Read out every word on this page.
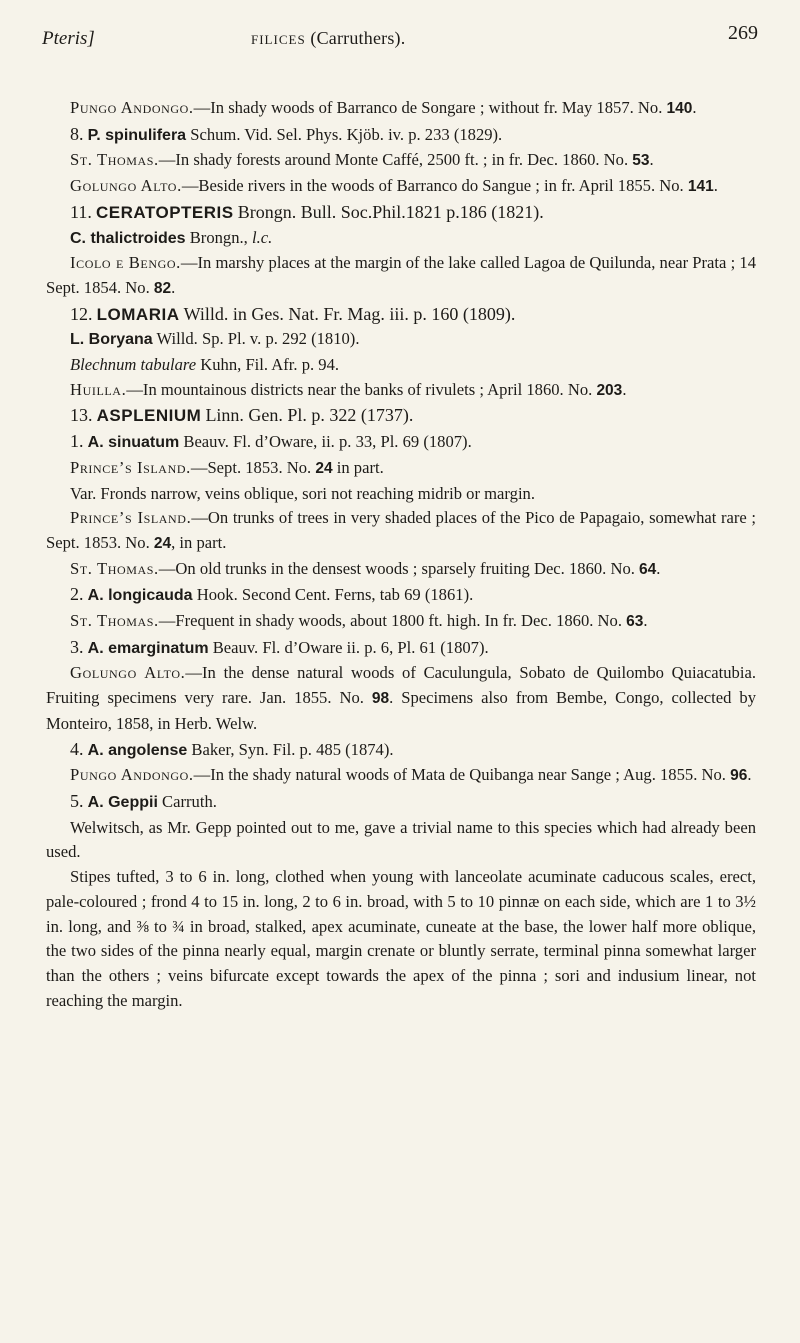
Pteris]	filices (Carruthers).	269

Pungo Andongo.—In shady woods of Barranco de Songare ; without fr. May 1857. No. 140.

8. P. spinulifera Schum. Vid. Sel. Phys. Kjöb. iv. p. 233 (1829).

St. Thomas.—In shady forests around Monte Caffé, 2500 ft. ; in fr. Dec. 1860. No. 53.

Golungo Alto.—Beside rivers in the woods of Barranco do Sangue ; in fr. April 1855. No. 141.

11. CERATOPTERIS Brongn. Bull. Soc.Phil.1821 p.186 (1821).

C. thalictroides Brongn., l.c.

Icolo e Bengo.—In marshy places at the margin of the lake called Lagoa de Quilunda, near Prata ; 14 Sept. 1854. No. 82.

12. LOMARIA Willd. in Ges. Nat. Fr. Mag. iii. p. 160 (1809).

L. Boryana Willd. Sp. Pl. v. p. 292 (1810).

Blechnum tabulare Kuhn, Fil. Afr. p. 94.

Huilla.—In mountainous districts near the banks of rivulets ; April 1860. No. 203.

13. ASPLENIUM Linn. Gen. Pl. p. 322 (1737).

1. A. sinuatum Beauv. Fl. d’Oware, ii. p. 33, Pl. 69 (1807).

Prince’s Island.—Sept. 1853. No. 24 in part.

Var. Fronds narrow, veins oblique, sori not reaching midrib or margin.

Prince’s Island.—On trunks of trees in very shaded places of the Pico de Papagaio, somewhat rare ; Sept. 1853. No. 24, in part.

St. Thomas.—On old trunks in the densest woods ; sparsely fruiting Dec. 1860. No. 64.

2. A. longicauda Hook. Second Cent. Ferns, tab 69 (1861).

St. Thomas.—Frequent in shady woods, about 1800 ft. high. In fr. Dec. 1860. No. 63.

3. A. emarginatum Beauv. Fl. d’Oware ii. p. 6, Pl. 61 (1807).

Golungo Alto.—In the dense natural woods of Caculungula, Sobato de Quilombo Quiacatubia. Fruiting specimens very rare. Jan. 1855. No. 98. Specimens also from Bembe, Congo, collected by Monteiro, 1858, in Herb. Welw.

4. A. angolense Baker, Syn. Fil. p. 485 (1874).

Pungo Andongo.—In the shady natural woods of Mata de Quibanga near Sange ; Aug. 1855. No. 96.

5. A. Geppii Carruth.

Welwitsch, as Mr. Gepp pointed out to me, gave a trivial name to this species which had already been used.

Stipes tufted, 3 to 6 in. long, clothed when young with lanceolate acuminate caducous scales, erect, pale-coloured ; frond 4 to 15 in. long, 2 to 6 in. broad, with 5 to 10 pinnæ on each side, which are 1 to 3½ in. long, and ⅜ to ¾ in broad, stalked, apex acuminate, cuneate at the base, the lower half more oblique, the two sides of the pinna nearly equal, margin crenate or bluntly serrate, terminal pinna somewhat larger than the others ; veins bifurcate except towards the apex of the pinna ; sori and indusium linear, not reaching the margin.
